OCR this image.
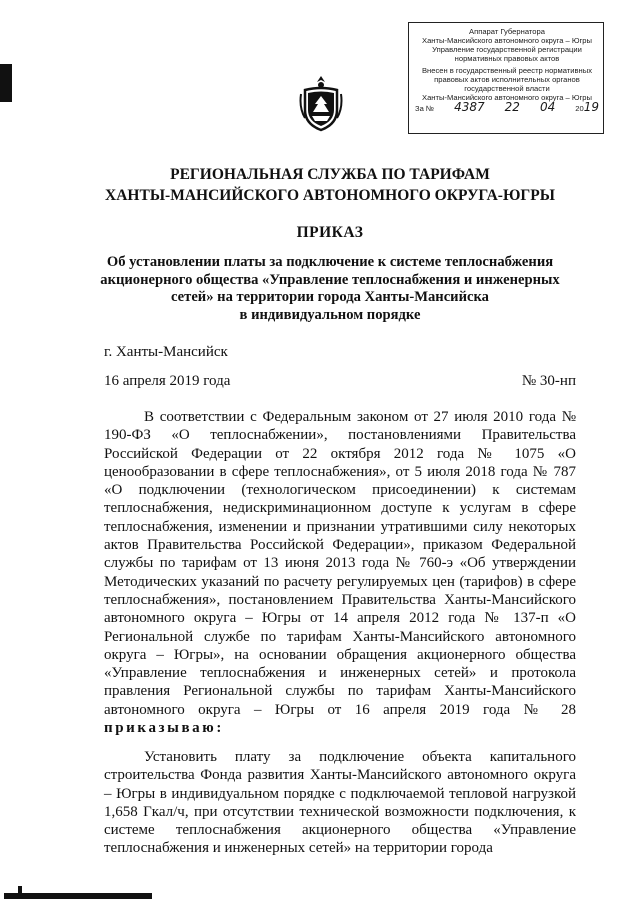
Аппарат Губернатора
Ханты-Мансийского автономного округа – Югры
Управление государственной регистрации
нормативных правовых актов
Внесен в государственный реестр нормативных
правовых актов исполнительных органов
государственной власти
Ханты-Мансийского автономного округа – Югры
За № 4387 22 04	2019
РЕГИОНАЛЬНАЯ СЛУЖБА ПО ТАРИФАМ
ХАНТЫ-МАНСИЙСКОГО АВТОНОМНОГО ОКРУГА-ЮГРЫ
ПРИКАЗ
Об установлении платы за подключение к системе теплоснабжения
акционерного общества «Управление теплоснабжения и инженерных
сетей» на территории города Ханты-Мансийска
в индивидуальном порядке
г. Ханты-Мансийск
16 апреля 2019 года	№ 30-нп

В соответствии с Федеральным законом от 27 июля 2010 года № 190-ФЗ «О теплоснабжении», постановлениями Правительства Российской Федерации от 22 октября 2012 года № 1075 «О ценообразовании в сфере теплоснабжения», от 5 июля 2018 года № 787 «О подключении (технологическом присоединении) к системам теплоснабжения, недискриминационном доступе к услугам в сфере теплоснабжения, изменении и признании утратившими силу некоторых актов Правительства Российской Федерации», приказом Федеральной службы по тарифам от 13 июня 2013 года № 760-э «Об утверждении Методических указаний по расчету регулируемых цен (тарифов) в сфере теплоснабжения», постановлением Правительства Ханты-Мансийского автономного округа – Югры от 14 апреля 2012 года № 137-п «О Региональной службе по тарифам Ханты-Мансийского автономного округа – Югры», на основании обращения акционерного общества «Управление теплоснабжения и инженерных сетей» и протокола правления Региональной службы по тарифам Ханты-Мансийского автономного округа – Югры от 16 апреля 2019 года № 28 приказываю:

Установить плату за подключение объекта капитального строительства Фонда развития Ханты-Мансийского автономного округа – Югры в индивидуальном порядке с подключаемой тепловой нагрузкой 1,658 Гкал/ч, при отсутствии технической возможности подключения, к системе теплоснабжения акционерного общества «Управление теплоснабжения и инженерных сетей» на территории города
